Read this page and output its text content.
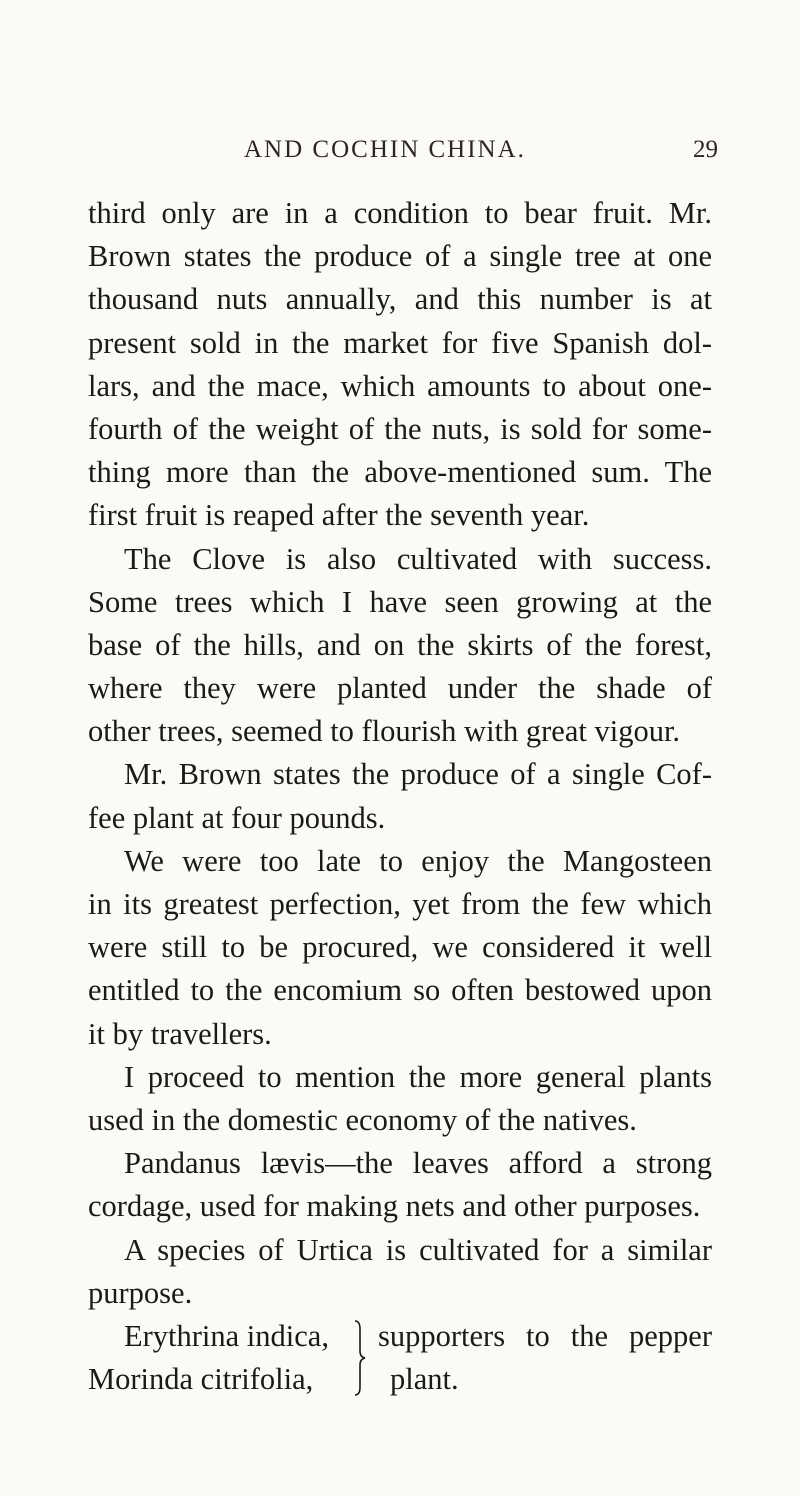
AND COCHIN CHINA.	29
third only are in a condition to bear fruit. Mr.
Brown states the produce of a single tree at one
thousand nuts annually, and this number is at
present sold in the market for five Spanish dol-
lars, and the mace, which amounts to about one-
fourth of the weight of the nuts, is sold for some-
thing more than the above-mentioned sum. The
first fruit is reaped after the seventh year.
The Clove is also cultivated with success.
Some trees which I have seen growing at the
base of the hills, and on the skirts of the forest,
where they were planted under the shade of
other trees, seemed to flourish with great vigour.
Mr. Brown states the produce of a single Cof-
fee plant at four pounds.
We were too late to enjoy the Mangosteen
in its greatest perfection, yet from the few which
were still to be procured, we considered it well
entitled to the encomium so often bestowed upon
it by travellers.
I proceed to mention the more general plants
used in the domestic economy of the natives.
Pandanus lævis—the leaves afford a strong
cordage, used for making nets and other purposes.
A species of Urtica is cultivated for a similar
purpose.
Erythrina indica,
Morinda citrifolia,
supporters to the pepper
plant.
